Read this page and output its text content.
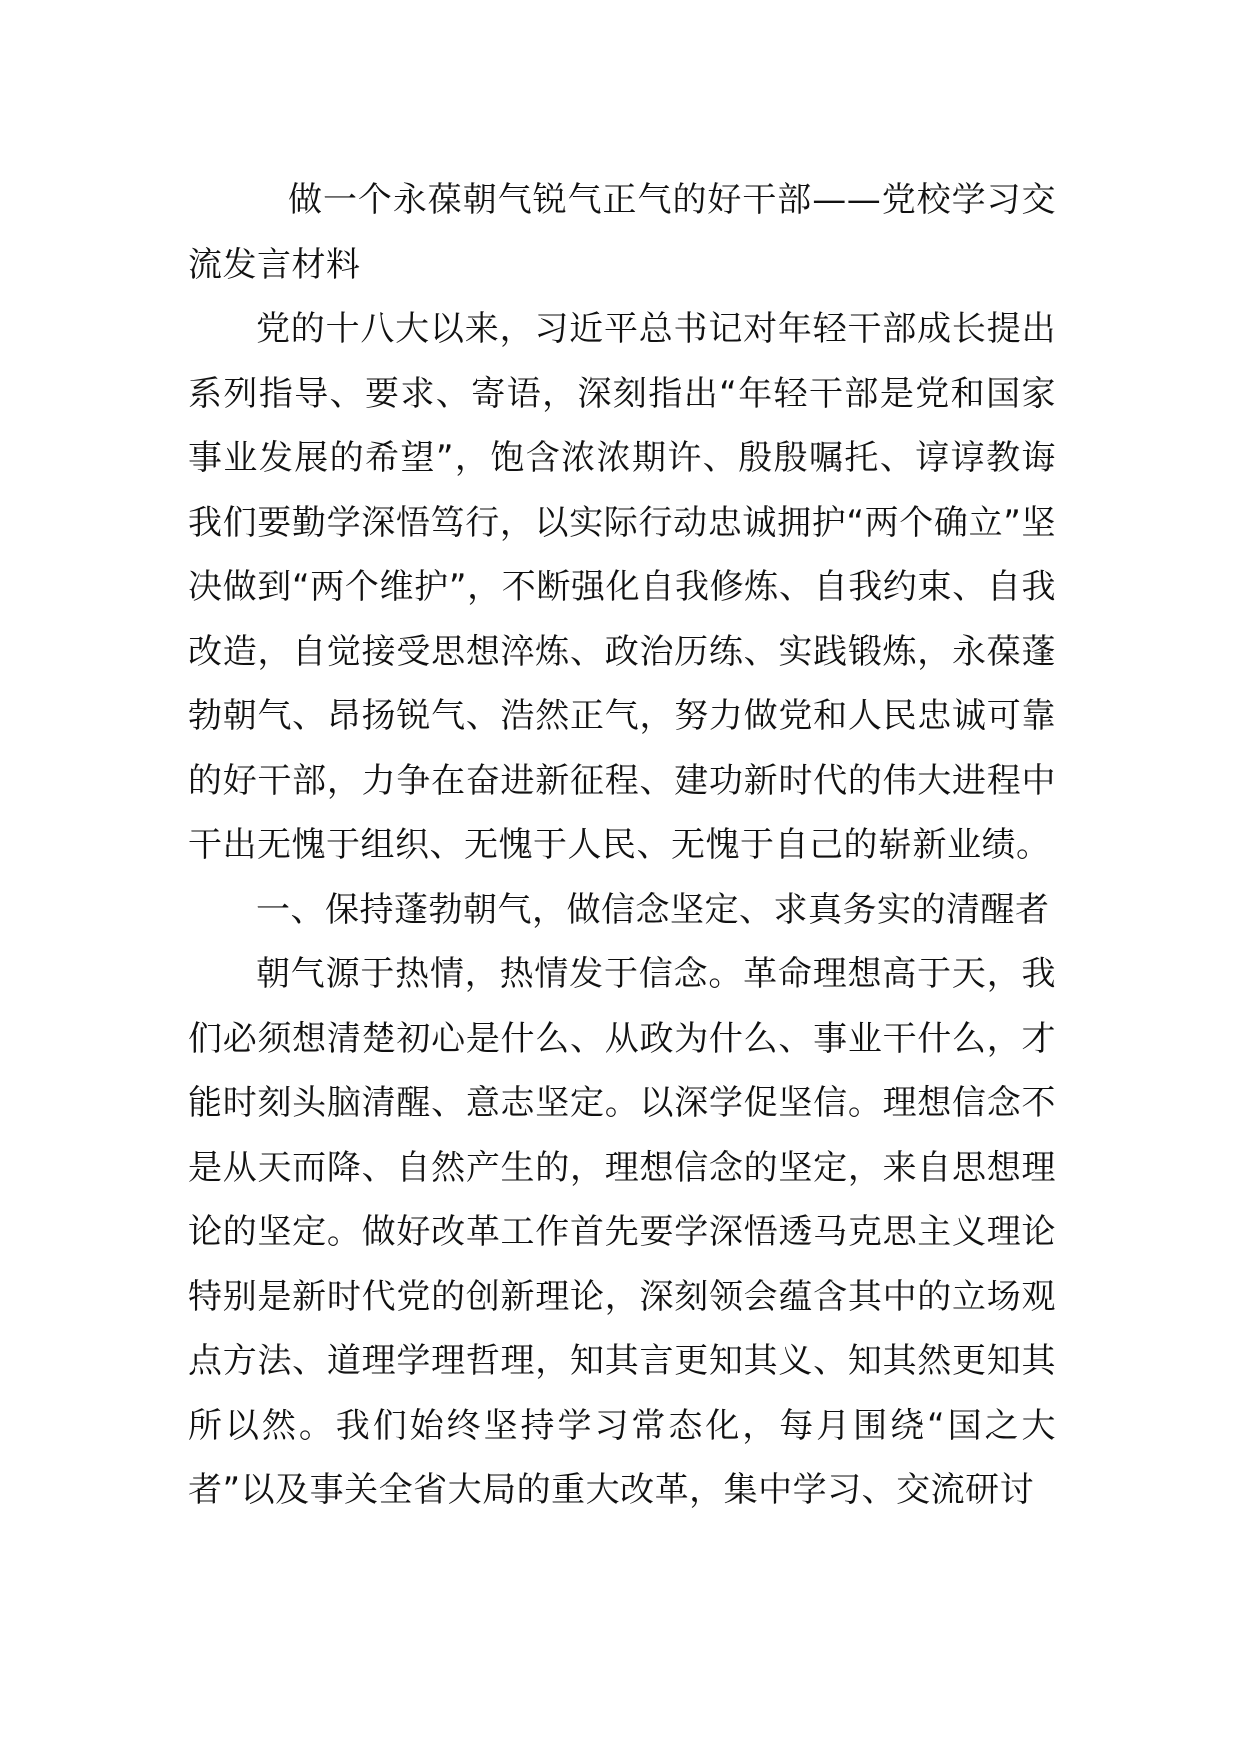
做一个永葆朝气锐气正气的好干部——党校学习交流发言材料

党的十八大以来，习近平总书记对年轻干部成长提出系列指导、要求、寄语，深刻指出“年轻干部是党和国家事业发展的希望”，饱含浓浓期许、殷殷嘱托、谆谆教诲我们要勤学深悟笃行，以实际行动忠诚拥护“两个确立”坚决做到“两个维护”，不断强化自我修炼、自我约束、自我改造，自觉接受思想淬炼、政治历练、实践锻炼，永葆蓬勃朝气、昂扬锐气、浩然正气，努力做党和人民忠诚可靠的好干部，力争在奋进新征程、建功新时代的伟大进程中干出无愧于组织、无愧于人民、无愧于自己的崭新业绩。

一、保持蓬勃朝气，做信念坚定、求真务实的清醒者

朝气源于热情，热情发于信念。革命理想高于天，我们必须想清楚初心是什么、从政为什么、事业干什么，才能时刻头脑清醒、意志坚定。以深学促坚信。理想信念不是从天而降、自然产生的，理想信念的坚定，来自思想理论的坚定。做好改革工作首先要学深悟透马克思主义理论特别是新时代党的创新理论，深刻领会蕴含其中的立场观点方法、道理学理哲理，知其言更知其义、知其然更知其所以然。我们始终坚持学习常态化，每月围绕“国之大者”以及事关全省大局的重大改革，集中学习、交流研讨
